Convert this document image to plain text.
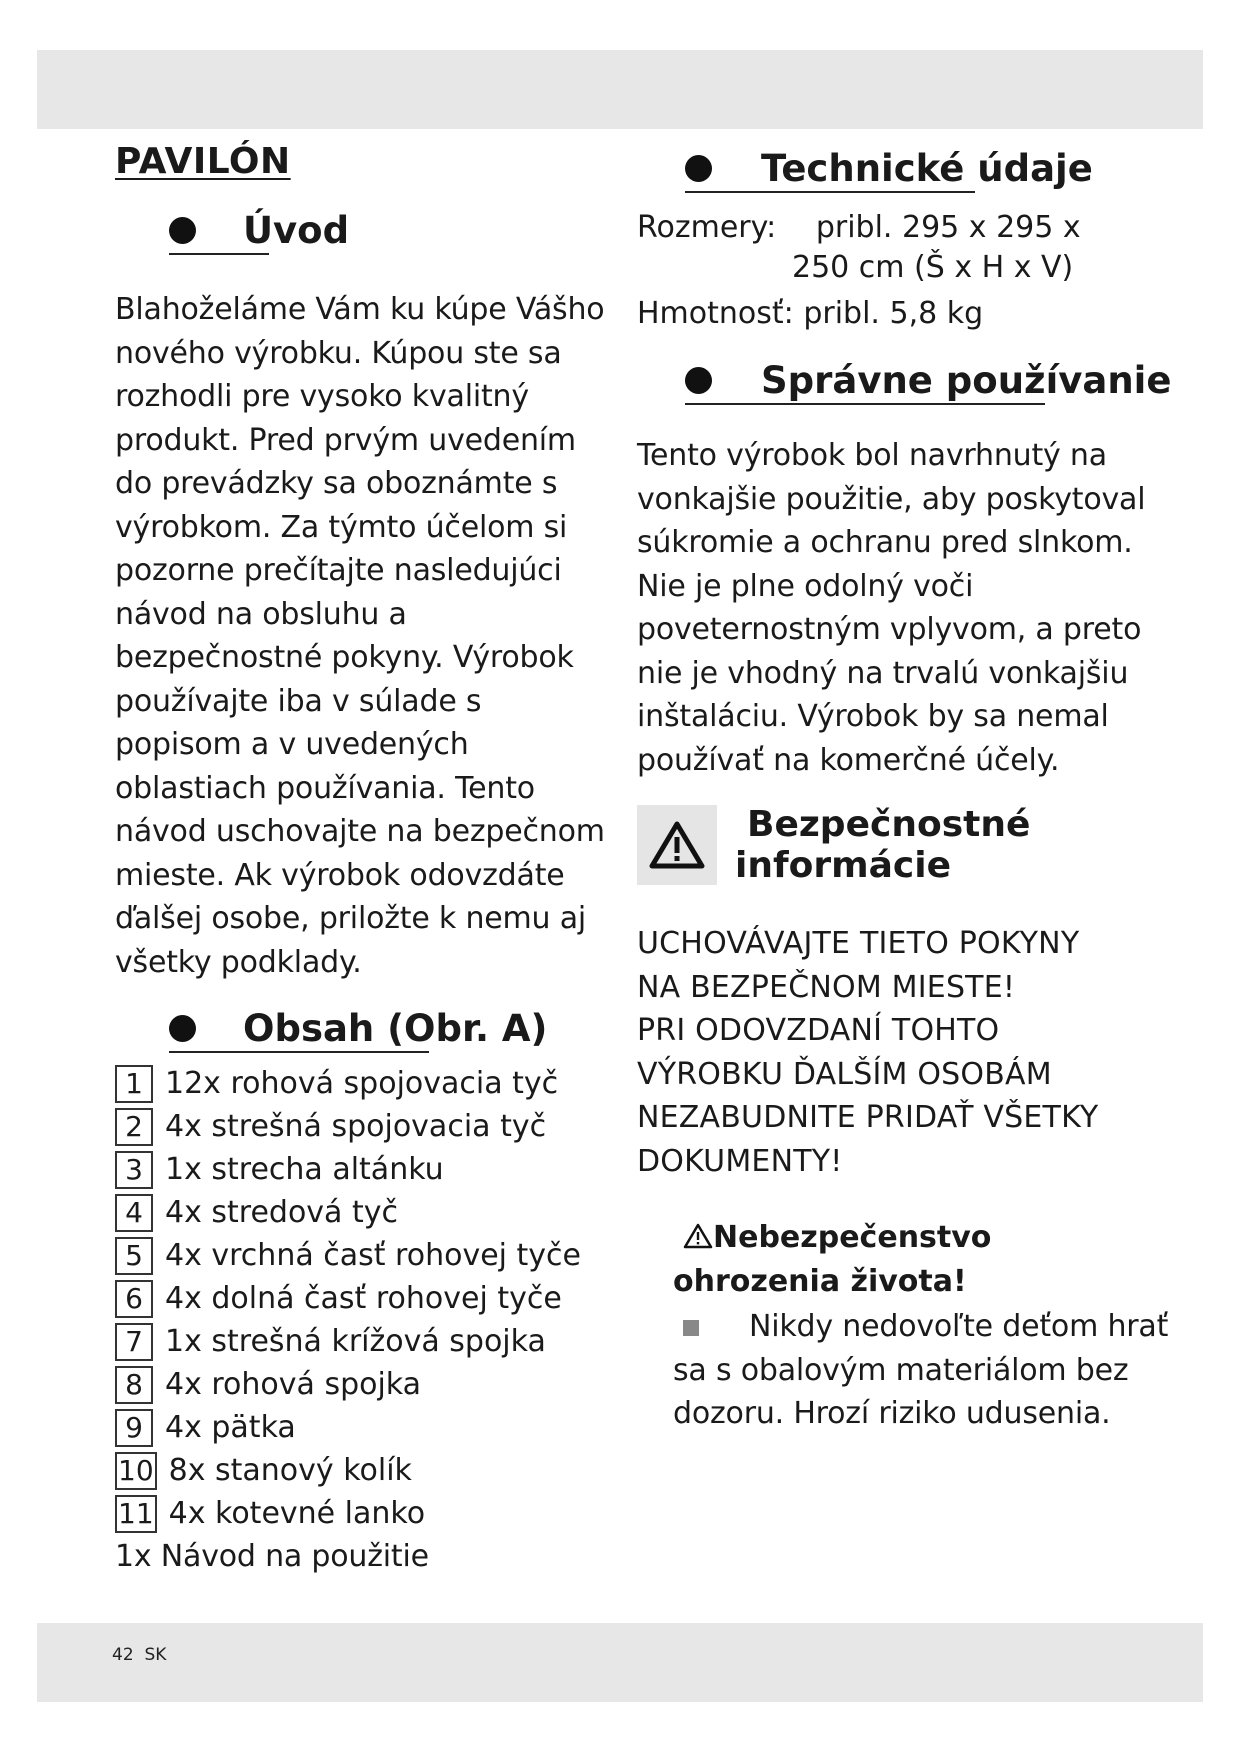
42 SK
PAVILÓN
Úvod

Blahoželáme Vám ku kúpe Vášho nového výrobku. Kúpou ste sa rozhodli pre vysoko kvalitný produkt. Pred prvým uvedením do prevádzky sa oboznámte s výrobkom. Za týmto účelom si pozorne prečítajte nasledujúci návod na obsluhu a bezpečnostné pokyny. Výrobok používajte iba v súlade s popisom a v uvedených oblastiach používania. Tento návod uschovajte na bezpečnom mieste. Ak výrobok odovzdáte ďalšej osobe, priložte k nemu aj všetky podklady.

Obsah (Obr. A)
1 12x rohová spojovacia tyč
2 4x strešná spojovacia tyč
3 1x strecha altánku
4 4x stredová tyč
5 4x vrchná časť rohovej tyče
6 4x dolná časť rohovej tyče
7 1x strešná krížová spojka
8 4x rohová spojka
9 4x pätka
10 8x stanový kolík
11 4x kotevné lanko
1x Návod na použitie
Technické údaje
Rozmery: pribl. 295 x 295 x
250 cm (Š x H x V)
Hmotnosť: pribl. 5,8 kg
Správne používanie

Tento výrobok bol navrhnutý na vonkajšie použitie, aby poskytoval súkromie a ochranu pred slnkom. Nie je plne odolný voči poveternostným vplyvom, a preto nie je vhodný na trvalú vonkajšiu inštaláciu. Výrobok by sa nemal používať na komerčné účely.

Bezpečnostné
informácie

UCHOVÁVAJTE TIETO POKYNY

NA BEZPEČNOM MIESTE!

PRI ODOVZDANÍ TOHTO

VÝROBKU ĎALŠÍM OSOBÁM

NEZABUDNITE PRIDAŤ VŠETKY

DOKUMENTY!

Nebezpečenstvo

ohrozenia života!

Nikdy nedovoľte deťom hrať

sa s obalovým materiálom bez

dozoru. Hrozí riziko udusenia.
